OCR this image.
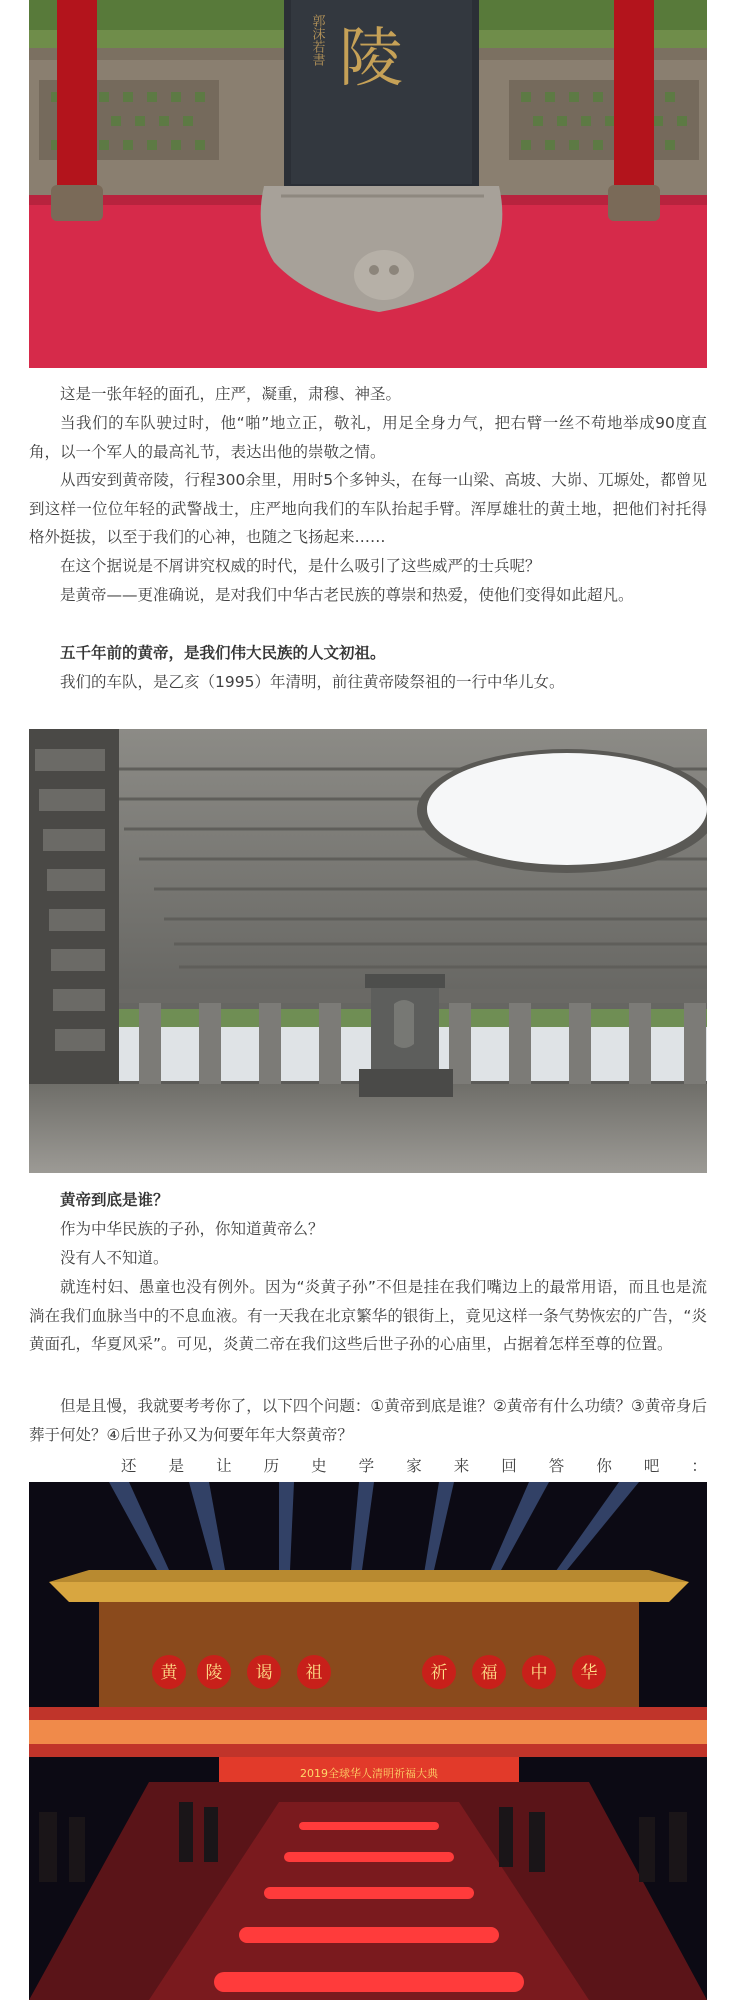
陵
郭沫若書

这是一张年轻的面孔，庄严，凝重，肃穆、神圣。

当我们的车队驶过时，他“啪”地立正，敬礼，用足全身力气，把右臂一丝不苟地举成90度直角，以一个军人的最高礼节，表达出他的崇敬之情。

从西安到黄帝陵，行程300余里，用时5个多钟头，在每一山梁、高坡、大峁、兀塬处，都曾见到这样一位位年轻的武警战士，庄严地向我们的车队抬起手臂。浑厚雄壮的黄土地，把他们衬托得格外挺拔，以至于我们的心神，也随之飞扬起来……

在这个据说是不屑讲究权威的时代，是什么吸引了这些威严的士兵呢？

是黄帝——更准确说，是对我们中华古老民族的尊崇和热爱，使他们变得如此超凡。

五千年前的黄帝，是我们伟大民族的人文初祖。

我们的车队，是乙亥（1995）年清明，前往黄帝陵祭祖的一行中华儿女。

黄帝到底是谁？

作为中华民族的子孙，你知道黄帝么？

没有人不知道。

就连村妇、愚童也没有例外。因为“炎黄子孙”不但是挂在我们嘴边上的最常用语，而且也是流淌在我们血脉当中的不息血液。有一天我在北京繁华的银街上，竟见这样一条气势恢宏的广告，“炎黄面孔，华夏风采”。可见，炎黄二帝在我们这些后世子孙的心庙里，占据着怎样至尊的位置。

但是且慢，我就要考考你了，以下四个问题：①黄帝到底是谁？②黄帝有什么功绩？③黄帝身后葬于何处？④后世子孙又为何要年年大祭黄帝？

还 是 让 历 史 学 家 来 回 答 你 吧 ：
黄 陵 谒 祖	祈 福 中 华
2019全球华人清明祈福大典
